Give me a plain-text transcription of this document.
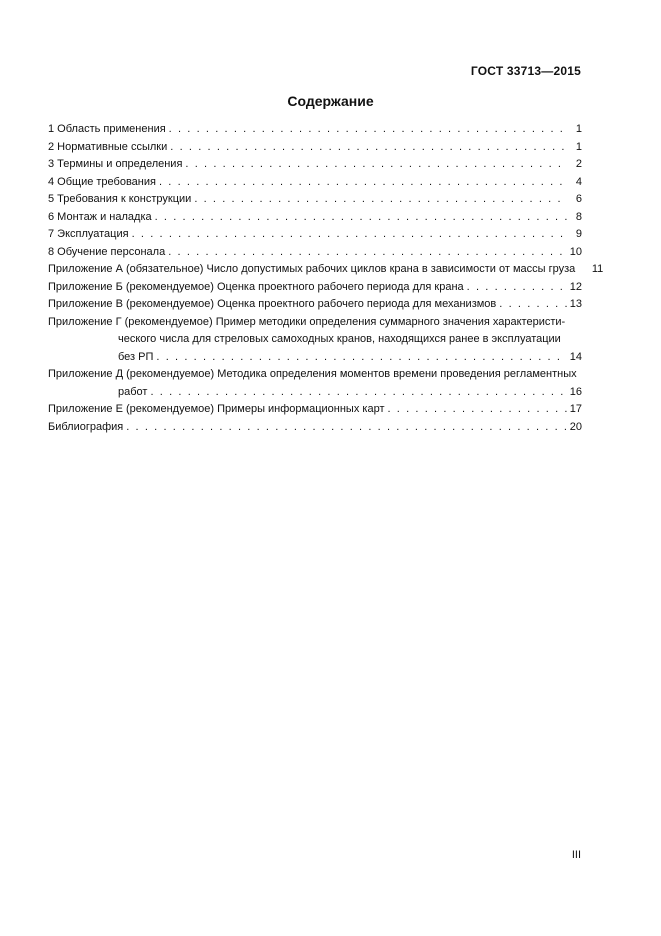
ГОСТ 33713—2015
Содержание
1 Область применения . . .	1
2 Нормативные ссылки . . .	1
3 Термины и определения . . .	2
4 Общие требования . . .	4
5 Требования к конструкции . . .	6
6 Монтаж и наладка . . .	8
7 Эксплуатация . . .	9
8 Обучение персонала . . .	10
Приложение А (обязательное) Число допустимых рабочих циклов крана в зависимости от массы груза 11
Приложение Б (рекомендуемое) Оценка проектного рабочего периода для крана . . .	12
Приложение В (рекомендуемое) Оценка проектного рабочего периода для механизмов . . .	13
Приложение Г (рекомендуемое) Пример методики определения суммарного значения характеристи-
ческого числа для стреловых самоходных кранов, находящихся ранее в эксплуатации
без РП . . .	14
Приложение Д (рекомендуемое) Методика определения моментов времени проведения регламентных
работ . . .	16
Приложение Е (рекомендуемое) Примеры информационных карт . . .	17
Библиография . . .	20
III
